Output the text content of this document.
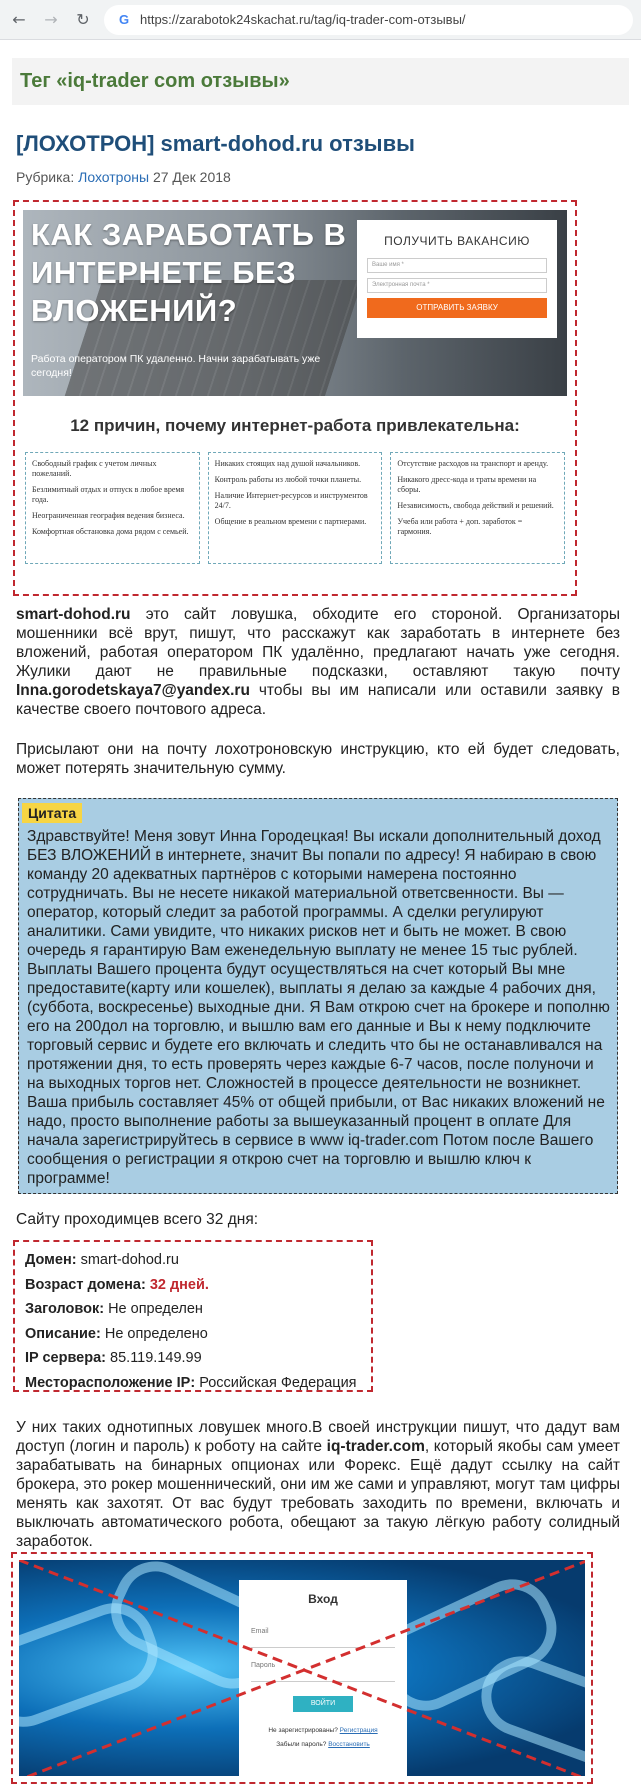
← → ↻	G https://zarabotok24skachat.ru/tag/iq-trader-com-отзывы/
Тег «iq-trader com отзывы»
[ЛОХОТРОН] smart-dohod.ru отзывы
Рубрика: Лохотроны 27 Дек 2018
КАК ЗАРАБОТАТЬ В
ИНТЕРНЕТЕ БЕЗ
ВЛОЖЕНИЙ?
Работа оператором ПК удаленно. Начни зарабатывать уже сегодня!
ПОЛУЧИТЬ ВАКАНСИЮ
Ваше имя *
Электронная почта *
ОТПРАВИТЬ ЗАЯВКУ
12 причин, почему интернет-работа привлекательна:

Свободный график с учетом личных пожеланий.

Безлимитный отдых и отпуск в любое время года.

Неограниченная география ведения бизнеса.

Комфортная обстановка дома рядом с семьей.

Никаких стоящих над душой начальников.

Контроль работы из любой точки планеты.

Наличие Интернет-ресурсов и инструментов 24/7.

Общение в реальном времени с партнерами.

Отсутствие расходов на транспорт и аренду.

Никакого дресс-кода и траты времени на сборы.

Независимость, свобода действий и решений.

Учеба или работа + доп. заработок = гармония.

smart-dohod.ru это сайт ловушка, обходите его стороной. Организаторы мошенники всё врут, пишут, что расскажут как заработать в интернете без вложений, работая оператором ПК удалённо, предлагают начать уже сегодня. Жулики дают не правильные подсказки, оставляют такую почту Inna.gorodetskaya7@yandex.ru чтобы вы им написали или оставили заявку в качестве своего почтового адреса.
Присылают они на почту лохотроновскую инструкцию, кто ей будет следовать, может потерять значительную сумму.
Цитата
Здравствуйте! Меня зовут Инна Городецкая! Вы искали дополнительный доход БЕЗ ВЛОЖЕНИЙ в интернете, значит Вы попали по адресу! Я набираю в свою команду 20 адекватных партнёров с которыми намерена постоянно сотрудничать. Вы не несете никакой материальной ответсвенности. Вы — оператор, который следит за работой программы. А сделки регулируют аналитики. Сами увидите, что никаких рисков нет и быть не может. В свою очередь я гарантирую Вам еженедельную выплату не менее 15 тыс рублей. Выплаты Вашего процента будут осуществляться на счет который Вы мне предоставите(карту или кошелек), выплаты я делаю за каждые 4 рабочих дня, (суббота, воскресенье) выходные дни. Я Вам открою счет на брокере и пополню его на 200дол на торговлю, и вышлю вам его данные и Вы к нему подключите торговый сервис и будете его включать и следить что бы не останавливался на протяжении дня, то есть проверять через каждые 6-7 часов, после полуночи и на выходных торгов нет. Сложностей в процессе деятельности не возникнет. Ваша прибыль составляет 45% от общей прибыли, от Вас никаких вложений не надо, просто выполнение работы за вышеуказанный процент в оплате Для начала зарегистрируйтесь в сервисе в www iq-trader.com Потом после Вашего сообщения о регистрации я открою счет на торговлю и вышлю ключ к программе!
Сайту проходимцев всего 32 дня:
Домен: smart-dohod.ru
Возраст домена: 32 дней.
Заголовок: Не определен
Описание: Не определено
IP сервера: 85.119.149.99
Месторасположение IP: Российская Федерация
У них таких однотипных ловушек много.В своей инструкции пишут, что дадут вам доступ (логин и пароль) к роботу на сайте iq-trader.com, который якобы сам умеет зарабатывать на бинарных опционах или Форекс. Ещё дадут ссылку на сайт брокера, это рокер мошеннический, они им же сами и управляют, могут там цифры менять как захотят. От вас будут требовать заходить по времени, включать и выключать автоматического робота, обещают за такую лёгкую работу солидный заработок.
Вход
Email
Пароль
ВОЙТИ
Не зарегистрированы? Регистрация
Забыли пароль? Восстановить
